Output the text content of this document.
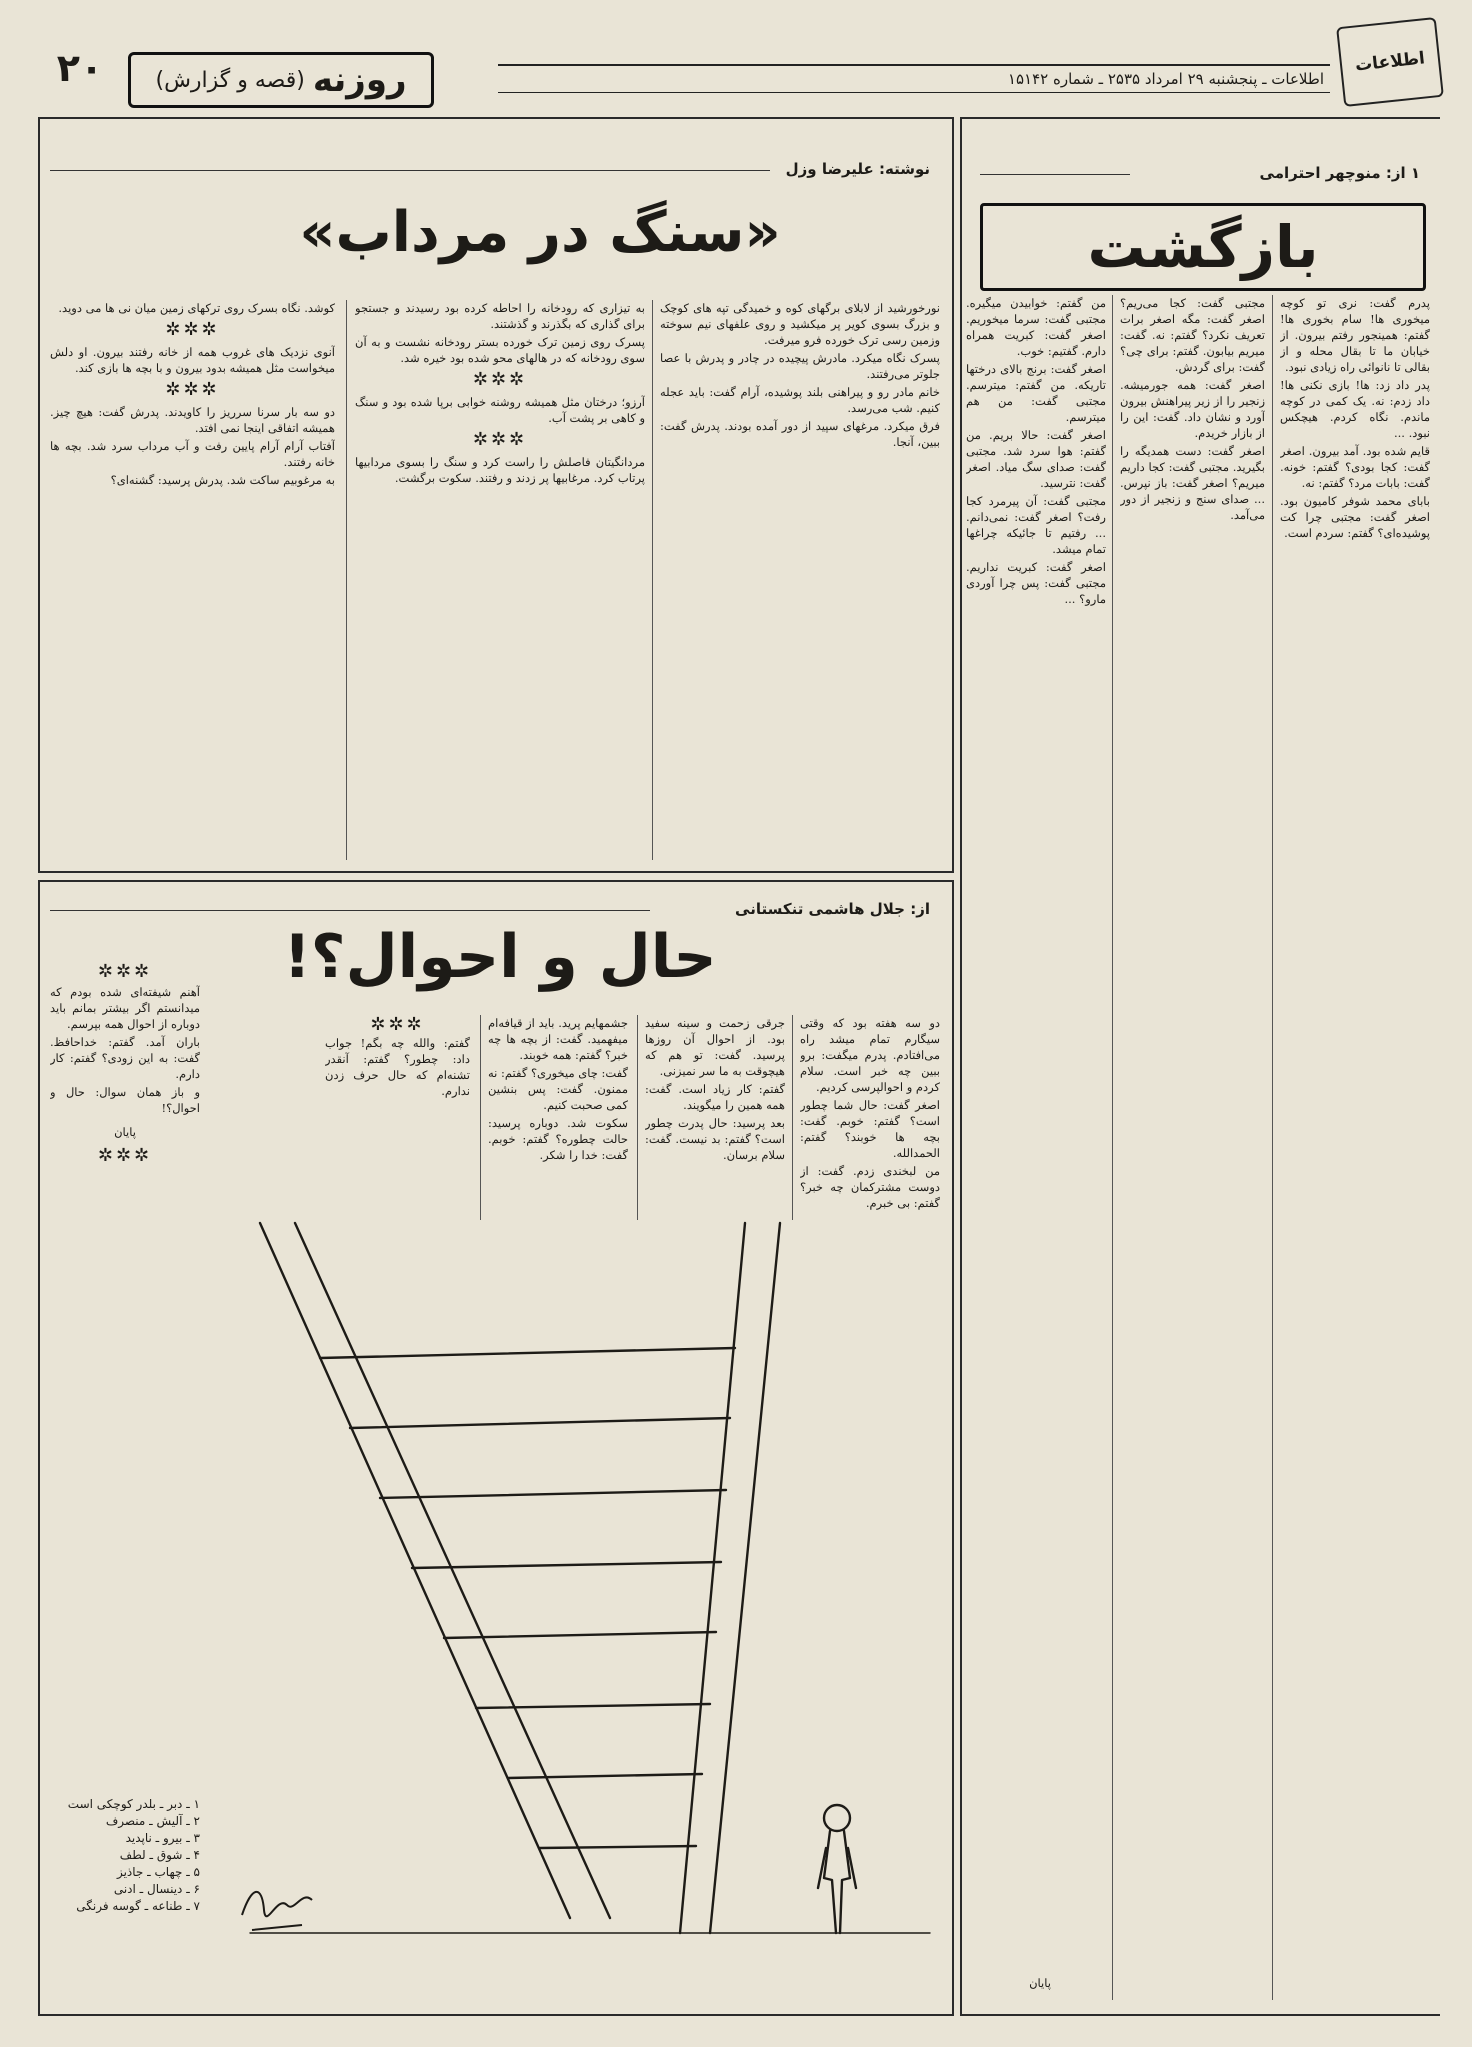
اطلاعات
اطلاعات ـ پنجشنبه ۲۹ امرداد ۲۵۳۵ ـ شماره ۱۵۱۴۲
روزنه
(قصه و گزارش)
۲۰
۱ از: منوچهر احترامی
بازگشت

پدرم گفت: نری تو کوچه میخوری ها! سام بخوری ها! گفتم: همینجور رفتم بیرون. از خیابان ما تا بقال محله و از بقالی تا نانوائی راه زیادی نبود.

پدر داد زد: ها! بازی نکنی ها! داد زدم: نه. یک کمی در کوچه ماندم. نگاه کردم. هیچکس نبود. ...

قایم شده بود. آمد بیرون. اصغر گفت: کجا بودی؟ گفتم: خونه. گفت: بابات مرد؟ گفتم: نه.

بابای محمد شوفر کامیون بود. اصغر گفت: مجتبی چرا کت پوشیده‌ای؟ گفتم: سردم است.

مجتبی گفت: کجا می‌ریم؟ اصغر گفت: مگه اصغر برات تعریف نکرد؟ گفتم: نه. گفت: میریم بیابون. گفتم: برای چی؟ گفت: برای گردش.

اصغر گفت: همه جورمیشه. زنجیر را از زیر پیراهنش بیرون آورد و نشان داد. گفت: این را از بازار خریدم.

اصغر گفت: دست همدیگه را بگیرید. مجتبی گفت: کجا داریم میریم؟ اصغر گفت: باز نپرس. ... صدای سنج و زنجیر از دور می‌آمد.

من گفتم: خوابیدن میگیره. مجتبی گفت: سرما میخوریم. اصغر گفت: کبریت همراه دارم. گفتیم: خوب.

اصغر گفت: برنج بالای درختها تاریکه. من گفتم: میترسم. مجتبی گفت: من هم میترسم.

اصغر گفت: حالا بریم. من گفتم: هوا سرد شد. مجتبی گفت: صدای سگ میاد. اصغر گفت: نترسید.

مجتبی گفت: آن پیرمرد کجا رفت؟ اصغر گفت: نمی‌دانم. ... رفتیم تا جائیکه چراغها تمام میشد.

اصغر گفت: کبریت نداریم. مجتبی گفت: پس چرا آوردی مارو؟ ...

پایان
نوشته: علیرضا وزل
«سنگ در مرداب»

نورخورشید از لابلای برگهای کوه و خمیدگی تپه های کوچک و بزرگ بسوی کویر پر میکشید و روی علفهای نیم سوخته وزمین رسی ترک خورده فرو میرفت.

پسرک نگاه میکرد. مادرش پیچیده در چادر و پدرش با عصا جلوتر می‌رفتند.

خانم مادر رو و پیراهنی بلند پوشیده، آرام گفت: باید عجله کنیم. شب می‌رسد.

فرق میکرد. مرغهای سپید از دور آمده بودند. پدرش گفت: ببین، آنجا.

به تیزاری که رودخانه را احاطه کرده بود رسیدند و جستجو برای گذاری که بگذرند و گذشتند.

پسرک روی زمین ترک خورده بستر رودخانه نشست و به آن سوی رودخانه که در هالهای محو شده بود خیره شد.

✲✲✲

آرزو؛ درختان مثل همیشه روشنه خوابی برپا شده بود و سنگ و کاهی بر پشت آب.

✲✲✲

مردانگیتان فاصلش را راست کرد و سنگ را بسوی مردابیها پرتاب کرد. مرغابیها پر زدند و رفتند. سکوت برگشت.

کوشد. نگاه بسرک روی ترکهای زمین میان نی ها می دوید.

✲✲✲

آنوی نزدیک های غروب همه از خانه رفتند بیرون. او دلش میخواست مثل همیشه بدود بیرون و با بچه ها بازی کند.

✲✲✲

دو سه بار سرنا سرریز را کاویدند. پدرش گفت: هیچ چیز. همیشه اتفاقی اینجا نمی افتد.

آفتاب آرام آرام پایین رفت و آب مرداب سرد شد. بچه ها خانه رفتند.

به مرغوبیم ساکت شد. پدرش پرسید: گشنه‌ای؟

از: جلال هاشمی تنکستانی
حال و احوال؟!

دو سه هفته بود که وقتی سیگارم تمام میشد راه می‌افتادم. پدرم میگفت: برو ببین چه خبر است. سلام کردم و احوالپرسی کردیم.

اصغر گفت: حال شما چطور است؟ گفتم: خوبم. گفت: بچه ها خوبند؟ گفتم: الحمدالله.

من لبخندی زدم. گفت: از دوست مشترکمان چه خبر؟ گفتم: بی خبرم.

جرقی زحمت و سینه سفید بود. از احوال آن روزها پرسید. گفت: تو هم که هیچوقت به ما سر نمیزنی.

گفتم: کار زیاد است. گفت: همه همین را میگویند.

بعد پرسید: حال پدرت چطور است؟ گفتم: بد نیست. گفت: سلام برسان.

جشمهایم پرید. باید از قیافه‌ام میفهمید. گفت: از بچه ها چه خبر؟ گفتم: همه خوبند.

گفت: چای میخوری؟ گفتم: نه ممنون. گفت: پس بنشین کمی صحبت کنیم.

سکوت شد. دوباره پرسید: حالت چطوره؟ گفتم: خوبم. گفت: خدا را شکر.

✲✲✲

گفتم: والله چه بگم! جواب داد: چطور؟ گفتم: آنقدر تشنه‌ام که حال حرف زدن ندارم.

✲✲✲

آهنم شیفته‌ای شده بودم که میدانستم اگر بیشتر بمانم باید دوباره از احوال همه بپرسم.

باران آمد. گفتم: خداحافظ. گفت: به این زودی؟ گفتم: کار دارم.

و باز همان سوال: حال و احوال؟!

پایان
✲✲✲
۱ ـ دبر ـ بلدر کوچکی است
۲ ـ آلیش ـ منصرف
۳ ـ بیرو ـ ناپدید
۴ ـ شوق ـ لطف
۵ ـ چهاب ـ جاذیز
۶ ـ دینسال ـ ادنی
۷ ـ طناعه ـ گوسه فرنگی
